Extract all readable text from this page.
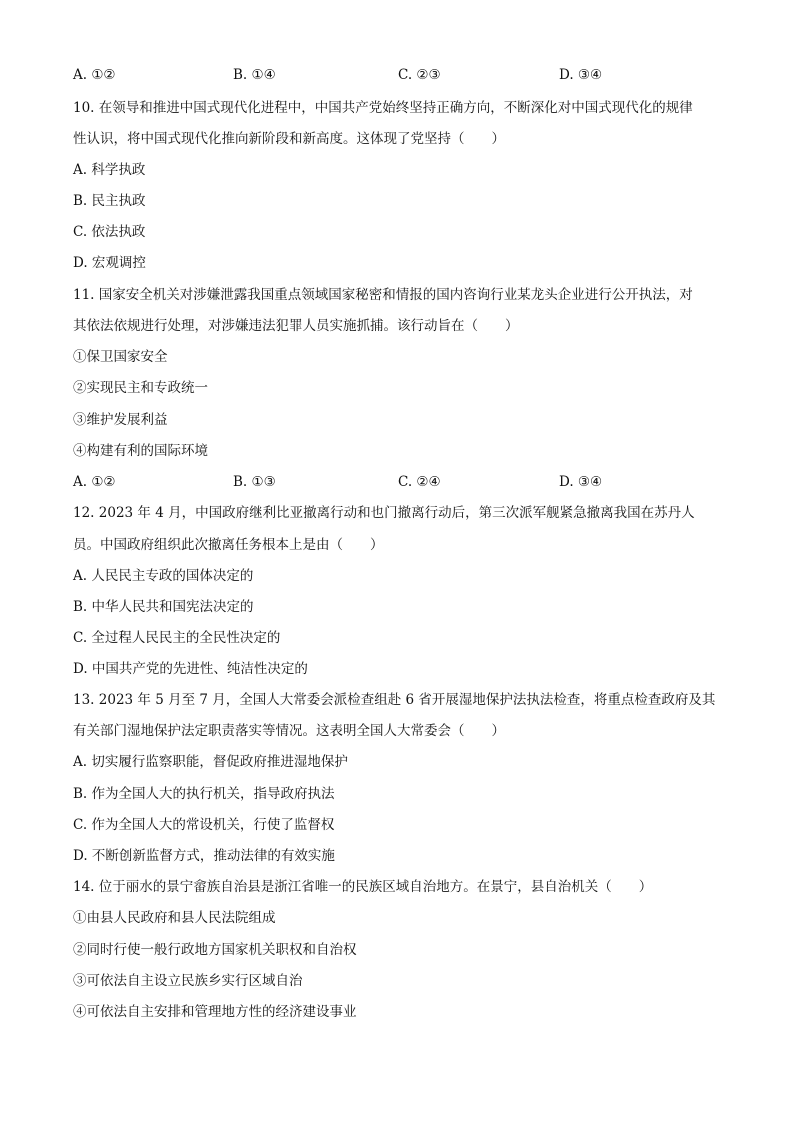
A. ①②	B. ①④	C. ②③	D. ③④
10. 在领导和推进中国式现代化进程中，中国共产党始终坚持正确方向，不断深化对中国式现代化的规律
性认识，将中国式现代化推向新阶段和新高度。这体现了党坚持（　　）
A. 科学执政
B. 民主执政
C. 依法执政
D. 宏观调控
11. 国家安全机关对涉嫌泄露我国重点领域国家秘密和情报的国内咨询行业某龙头企业进行公开执法，对
其依法依规进行处理，对涉嫌违法犯罪人员实施抓捕。该行动旨在（　　）
①保卫国家安全
②实现民主和专政统一
③维护发展利益
④构建有利的国际环境
A. ①②	B. ①③	C. ②④	D. ③④
12. 2023 年 4 月，中国政府继利比亚撤离行动和也门撤离行动后，第三次派军舰紧急撤离我国在苏丹人
员。中国政府组织此次撤离任务根本上是由（　　）
A. 人民民主专政的国体决定的
B. 中华人民共和国宪法决定的
C. 全过程人民民主的全民性决定的
D. 中国共产党的先进性、纯洁性决定的
13. 2023 年 5 月至 7 月，全国人大常委会派检查组赴 6 省开展湿地保护法执法检查，将重点检查政府及其
有关部门湿地保护法定职责落实等情况。这表明全国人大常委会（　　）
A. 切实履行监察职能，督促政府推进湿地保护
B. 作为全国人大的执行机关，指导政府执法
C. 作为全国人大的常设机关，行使了监督权
D. 不断创新监督方式，推动法律的有效实施
14. 位于丽水的景宁畲族自治县是浙江省唯一的民族区域自治地方。在景宁，县自治机关（　　）
①由县人民政府和县人民法院组成
②同时行使一般行政地方国家机关职权和自治权
③可依法自主设立民族乡实行区域自治
④可依法自主安排和管理地方性的经济建设事业
